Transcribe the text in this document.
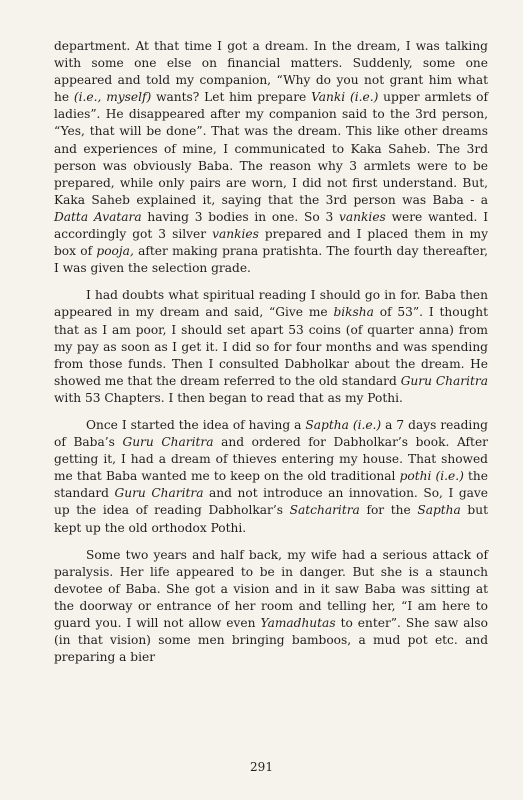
department. At that time I got a dream. In the dream, I was talking with some one else on financial matters. Suddenly, some one appeared and told my companion, “Why do you not grant him what he (i.e., myself) wants? Let him prepare Vanki (i.e.) upper armlets of ladies”. He disappeared after my companion said to the 3rd person, “Yes, that will be done”. That was the dream. This like other dreams and experiences of mine, I communicated to Kaka Saheb. The 3rd person was obviously Baba. The reason why 3 armlets were to be prepared, while only pairs are worn, I did not first understand. But, Kaka Saheb explained it, saying that the 3rd person was Baba - a Datta Avatara having 3 bodies in one. So 3 vankies were wanted. I accordingly got 3 silver vankies prepared and I placed them in my box of pooja, after making prana pratishta. The fourth day thereafter, I was given the selection grade.

I had doubts what spiritual reading I should go in for. Baba then appeared in my dream and said, “Give me biksha of 53”. I thought that as I am poor, I should set apart 53 coins (of quarter anna) from my pay as soon as I get it. I did so for four months and was spending from those funds. Then I consulted Dabholkar about the dream. He showed me that the dream referred to the old standard Guru Charitra with 53 Chapters. I then began to read that as my Pothi.

Once I started the idea of having a Saptha (i.e.) a 7 days reading of Baba’s Guru Charitra and ordered for Dabholkar’s book. After getting it, I had a dream of thieves entering my house. That showed me that Baba wanted me to keep on the old traditional pothi (i.e.) the standard Guru Charitra and not introduce an innovation. So, I gave up the idea of reading Dabholkar’s Satcharitra for the Saptha but kept up the old orthodox Pothi.

Some two years and half back, my wife had a serious attack of paralysis. Her life appeared to be in danger. But she is a staunch devotee of Baba. She got a vision and in it saw Baba was sitting at the doorway or entrance of her room and telling her, “I am here to guard you. I will not allow even Yamadhutas to enter”. She saw also (in that vision) some men bringing bamboos, a mud pot etc. and preparing a bier

291
